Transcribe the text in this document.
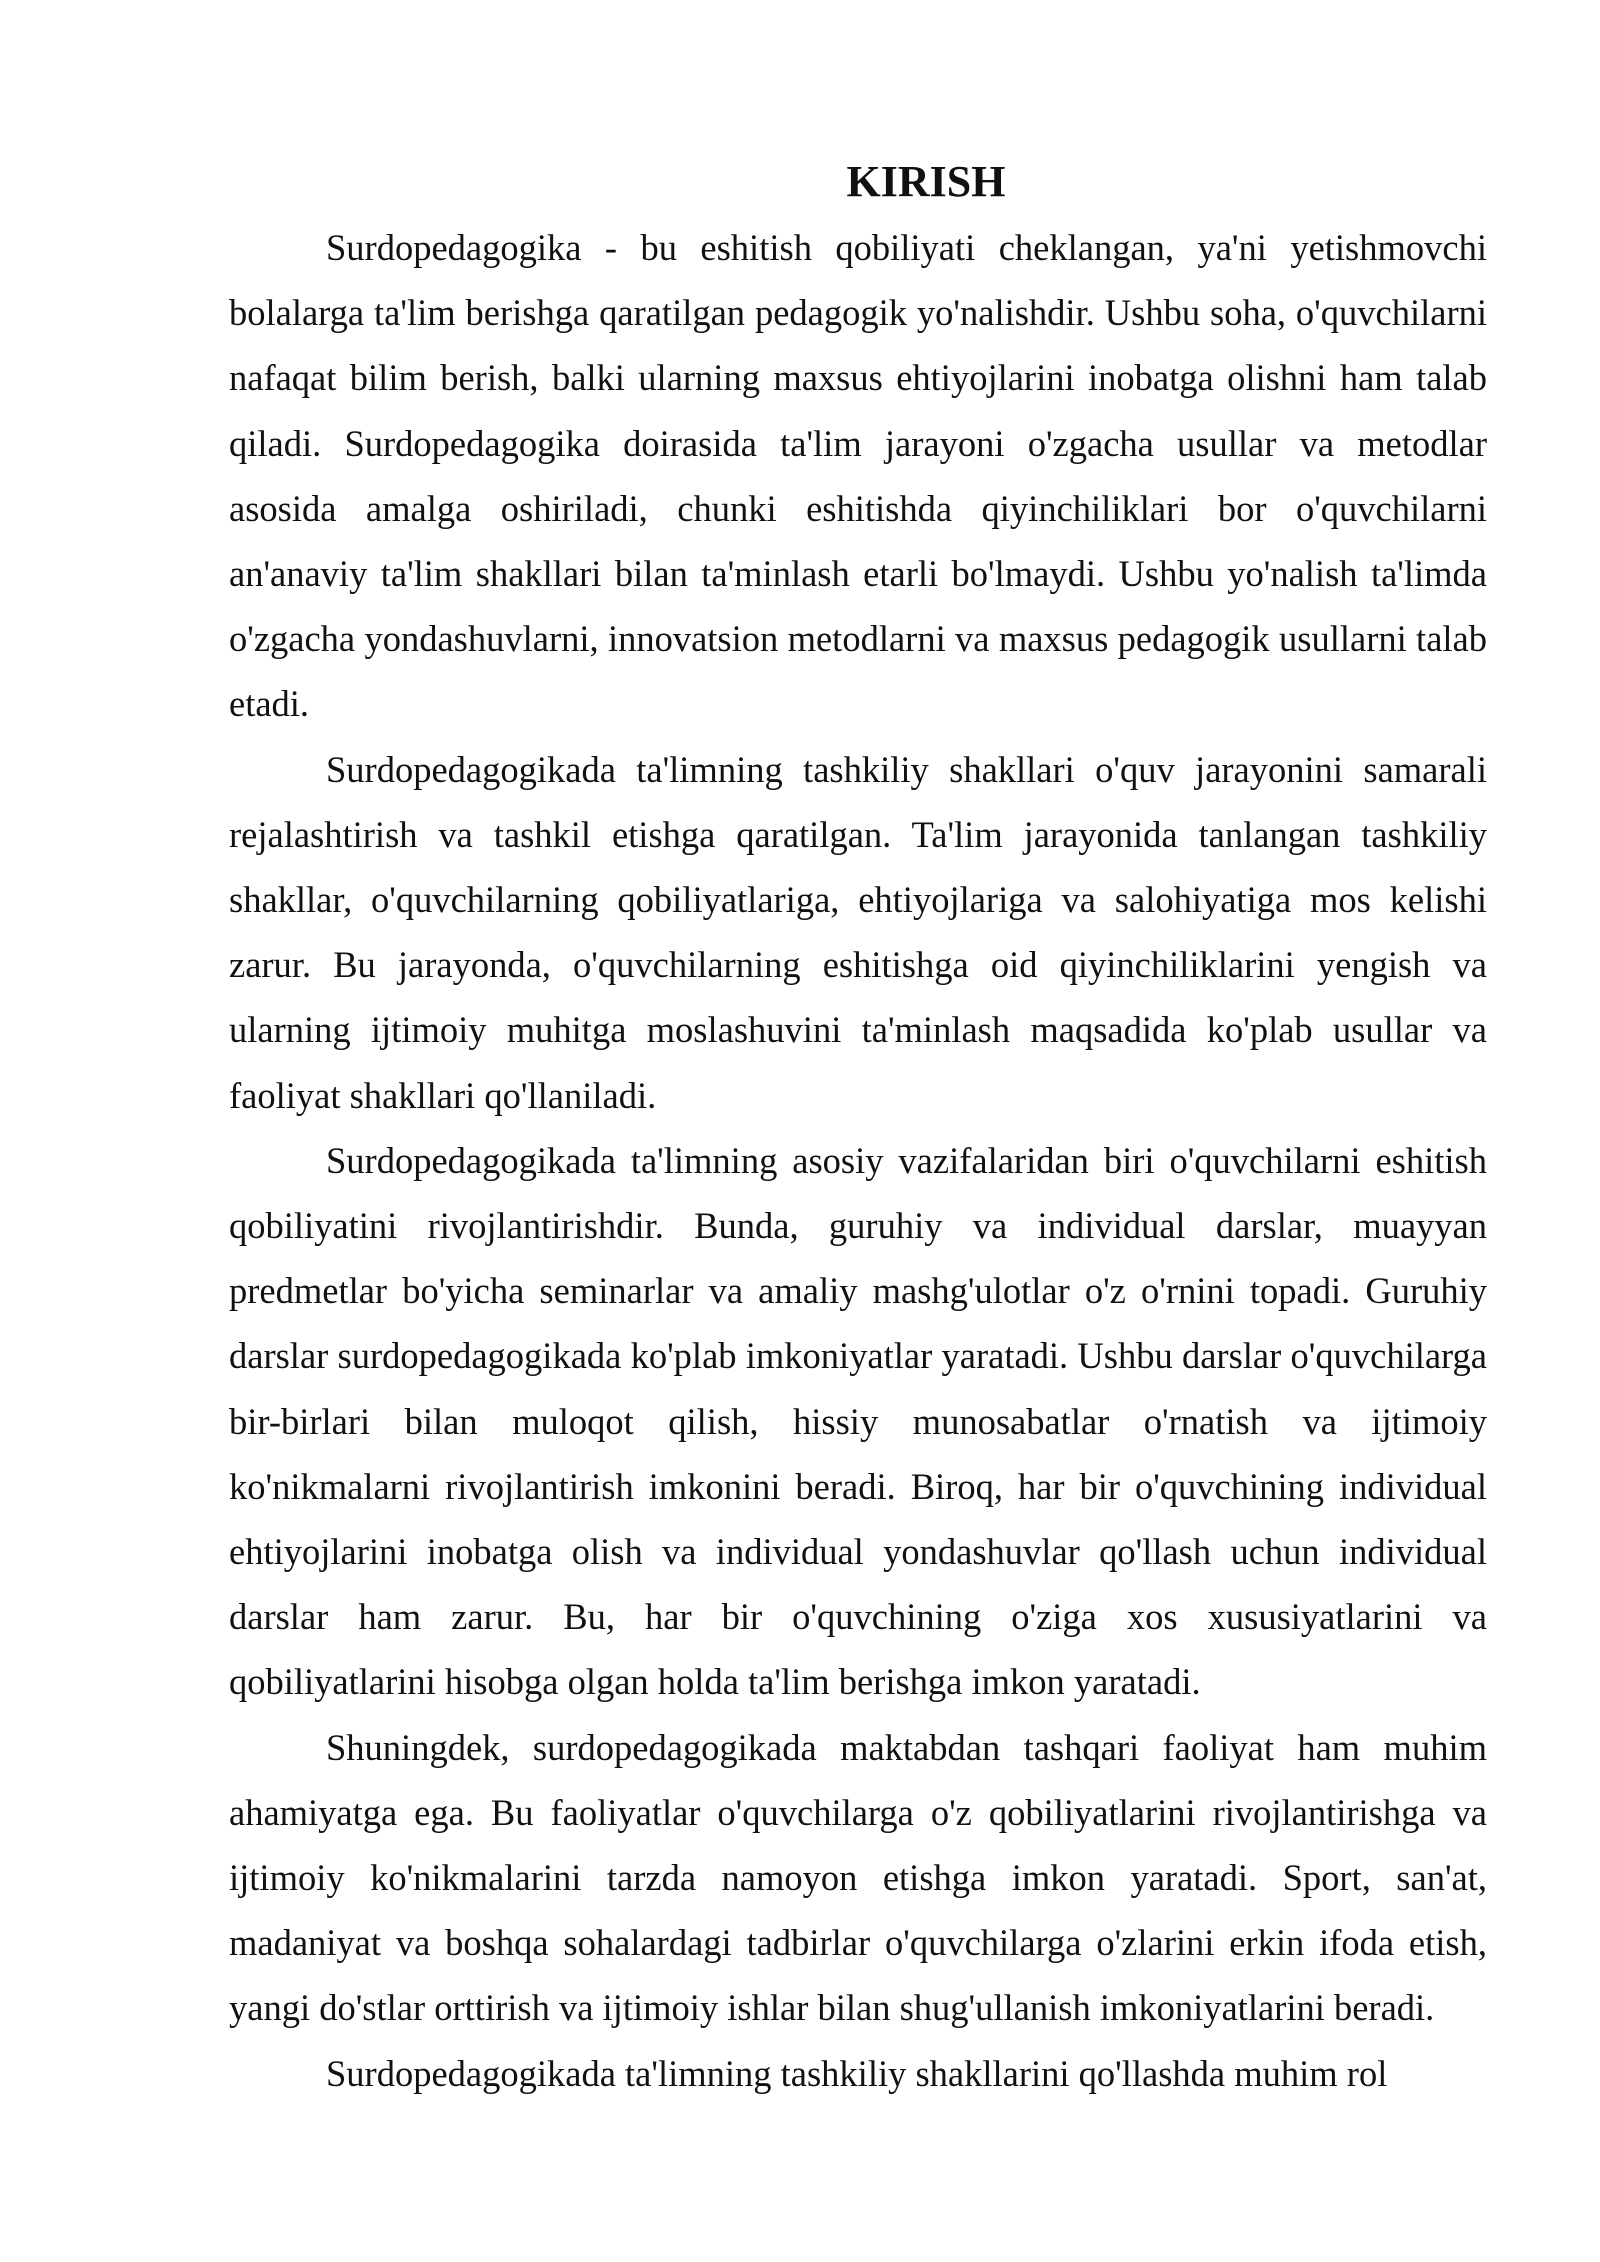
KIRISH

Surdopedagogika - bu eshitish qobiliyati cheklangan, ya'ni yetishmovchi bolalarga ta'lim berishga qaratilgan pedagogik yo'nalishdir. Ushbu soha, o'quvchilarni nafaqat bilim berish, balki ularning maxsus ehtiyojlarini inobatga olishni ham talab qiladi. Surdopedagogika doirasida ta'lim jarayoni o'zgacha usullar va metodlar asosida amalga oshiriladi, chunki eshitishda qiyinchiliklari bor o'quvchilarni an'anaviy ta'lim shakllari bilan ta'minlash etarli bo'lmaydi. Ushbu yo'nalish ta'limda o'zgacha yondashuvlarni, innovatsion metodlarni va maxsus pedagogik usullarni talab etadi.

Surdopedagogikada ta'limning tashkiliy shakllari o'quv jarayonini samarali rejalashtirish va tashkil etishga qaratilgan. Ta'lim jarayonida tanlangan tashkiliy shakllar, o'quvchilarning qobiliyatlariga, ehtiyojlariga va salohiyatiga mos kelishi zarur. Bu jarayonda, o'quvchilarning eshitishga oid qiyinchiliklarini yengish va ularning ijtimoiy muhitga moslashuvini ta'minlash maqsadida ko'plab usullar va faoliyat shakllari qo'llaniladi.

Surdopedagogikada ta'limning asosiy vazifalaridan biri o'quvchilarni eshitish qobiliyatini rivojlantirishdir. Bunda, guruhiy va individual darslar, muayyan predmetlar bo'yicha seminarlar va amaliy mashg'ulotlar o'z o'rnini topadi. Guruhiy darslar surdopedagogikada ko'plab imkoniyatlar yaratadi. Ushbu darslar o'quvchilarga bir-birlari bilan muloqot qilish, hissiy munosabatlar o'rnatish va ijtimoiy ko'nikmalarni rivojlantirish imkonini beradi. Biroq, har bir o'quvchining individual ehtiyojlarini inobatga olish va individual yondashuvlar qo'llash uchun individual darslar ham zarur. Bu, har bir o'quvchining o'ziga xos xususiyatlarini va qobiliyatlarini hisobga olgan holda ta'lim berishga imkon yaratadi.

Shuningdek, surdopedagogikada maktabdan tashqari faoliyat ham muhim ahamiyatga ega. Bu faoliyatlar o'quvchilarga o'z qobiliyatlarini rivojlantirishga va ijtimoiy ko'nikmalarini tarzda namoyon etishga imkon yaratadi. Sport, san'at, madaniyat va boshqa sohalardagi tadbirlar o'quvchilarga o'zlarini erkin ifoda etish, yangi do'stlar orttirish va ijtimoiy ishlar bilan shug'ullanish imkoniyatlarini beradi.

Surdopedagogikada ta'limning tashkiliy shakllarini qo'llashda muhim rol
